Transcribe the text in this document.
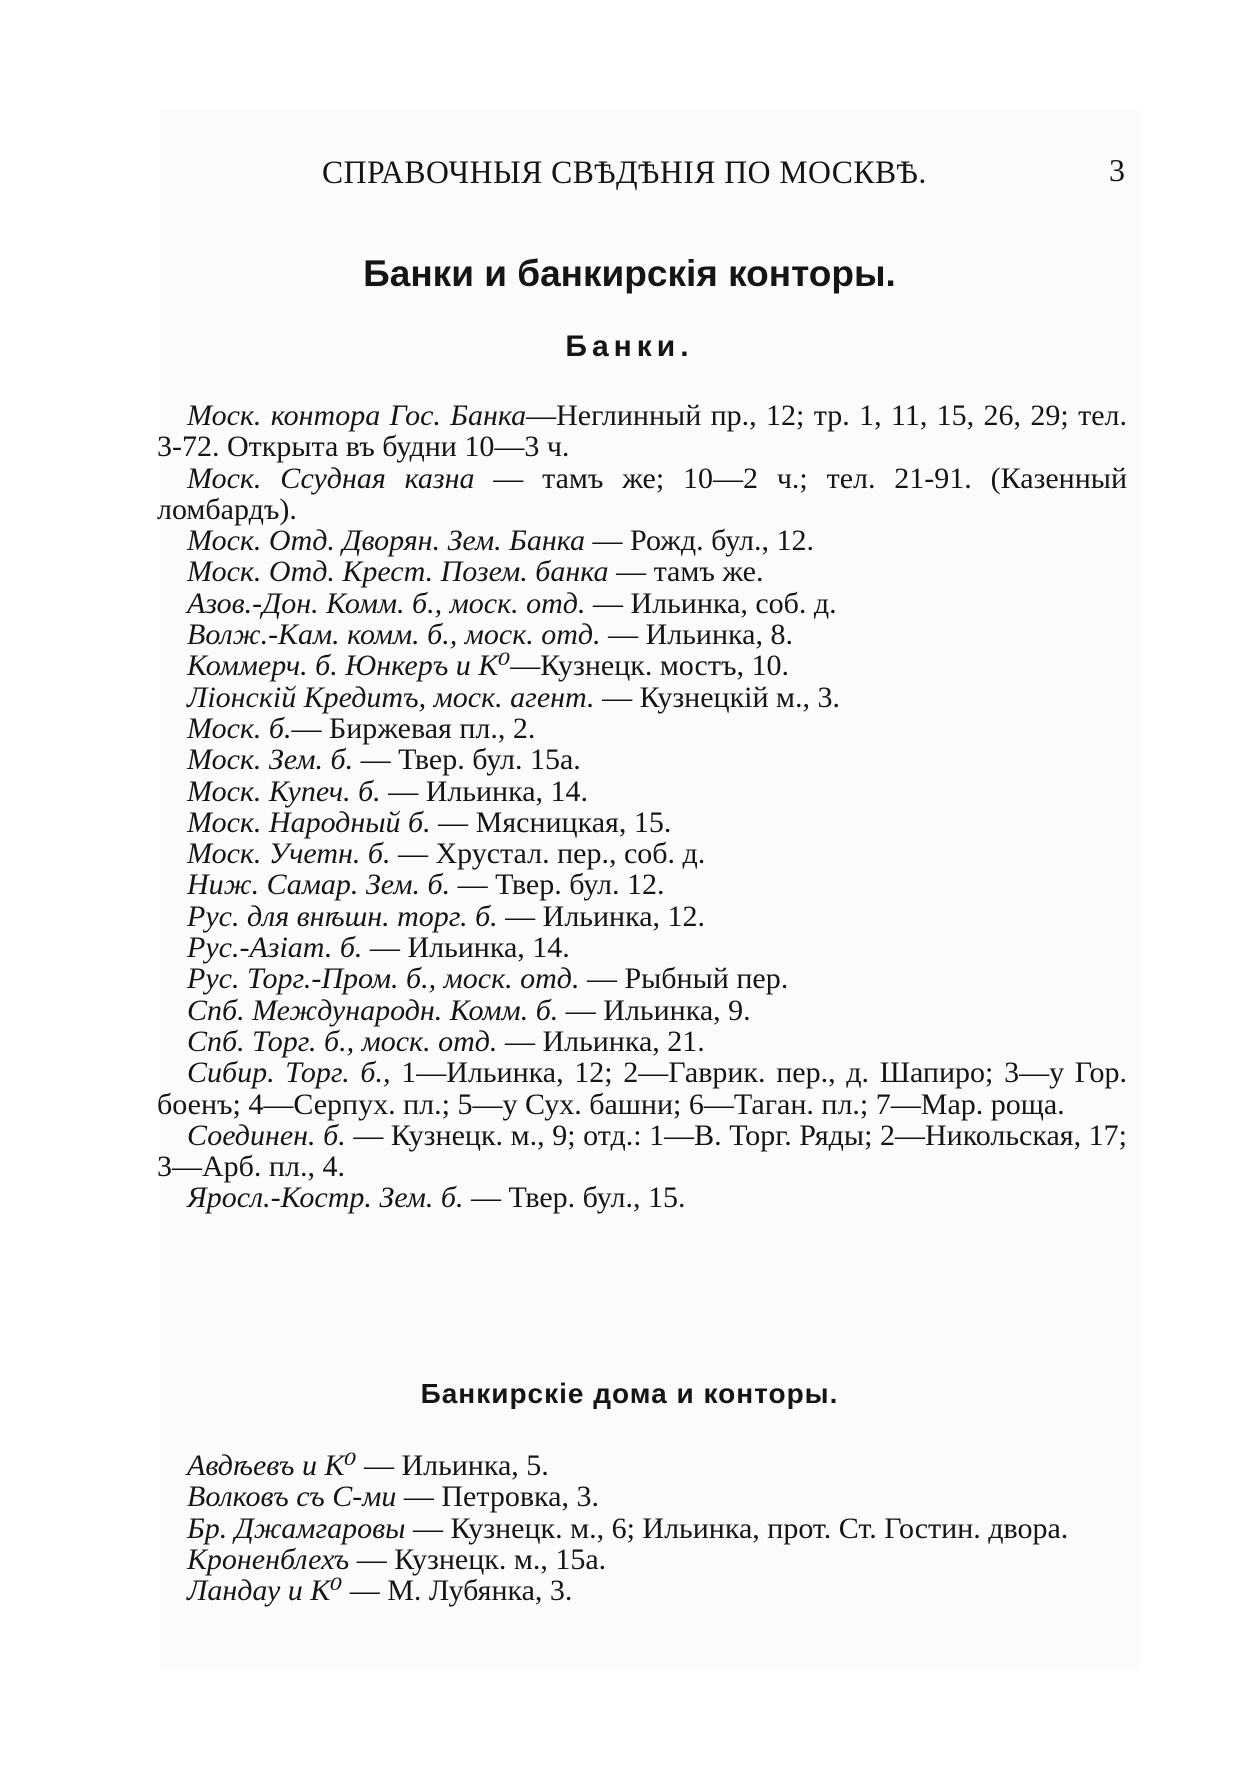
СПРАВОЧНЫЯ СВѢДѢНІЯ ПО МОСКВѢ.	3
Банки и банкирскія конторы.
Банки.
Моск. контора Гос. Банка—Неглинный пр., 12; тр. 1, 11, 15, 26, 29; тел. 3-72. Открыта въ будни 10—3 ч.
Моск. Ссудная казна — тамъ же; 10—2 ч.; тел. 21-91. (Казенный ломбардъ).
Моск. Отд. Дворян. Зем. Банка — Рожд. бул., 12.
Моск. Отд. Крест. Позем. банка — тамъ же.
Азов.-Дон. Комм. б., моск. отд. — Ильинка, соб. д.
Волж.-Кам. комм. б., моск. отд. — Ильинка, 8.
Коммерч. б. Юнкеръ и К⁰—Кузнецк. мостъ, 10.
Ліонскій Кредитъ, моск. агент. — Кузнецкій м., 3.
Моск. б.— Биржевая пл., 2.
Моск. Зем. б. — Твер. бул. 15а.
Моск. Купеч. б. — Ильинка, 14.
Моск. Народный б. — Мясницкая, 15.
Моск. Учетн. б. — Хрустал. пер., соб. д.
Ниж. Самар. Зем. б. — Твер. бул. 12.
Рус. для внѣшн. торг. б. — Ильинка, 12.
Рус.-Азіат. б. — Ильинка, 14.
Рус. Торг.-Пром. б., моск. отд. — Рыбный пер.
Спб. Международн. Комм. б. — Ильинка, 9.
Спб. Торг. б., моск. отд. — Ильинка, 21.
Сибир. Торг. б., 1—Ильинка, 12; 2—Гаврик. пер., д. Шапиро; 3—у Гор. боенъ; 4—Серпух. пл.; 5—у Сух. башни; 6—Таган. пл.; 7—Мар. роща.
Соединен. б. — Кузнецк. м., 9; отд.: 1—В. Торг. Ряды; 2—Никольская, 17; 3—Арб. пл., 4.
Яросл.-Костр. Зем. б. — Твер. бул., 15.
Банкирскіе дома и конторы.
Авдѣевъ и К⁰ — Ильинка, 5.
Волковъ съ С-ми — Петровка, 3.
Бр. Джамгаровы — Кузнецк. м., 6; Ильинка, прот. Ст. Гостин. двора.
Кроненблехъ — Кузнецк. м., 15а.
Ландау и К⁰ — М. Лубянка, 3.
